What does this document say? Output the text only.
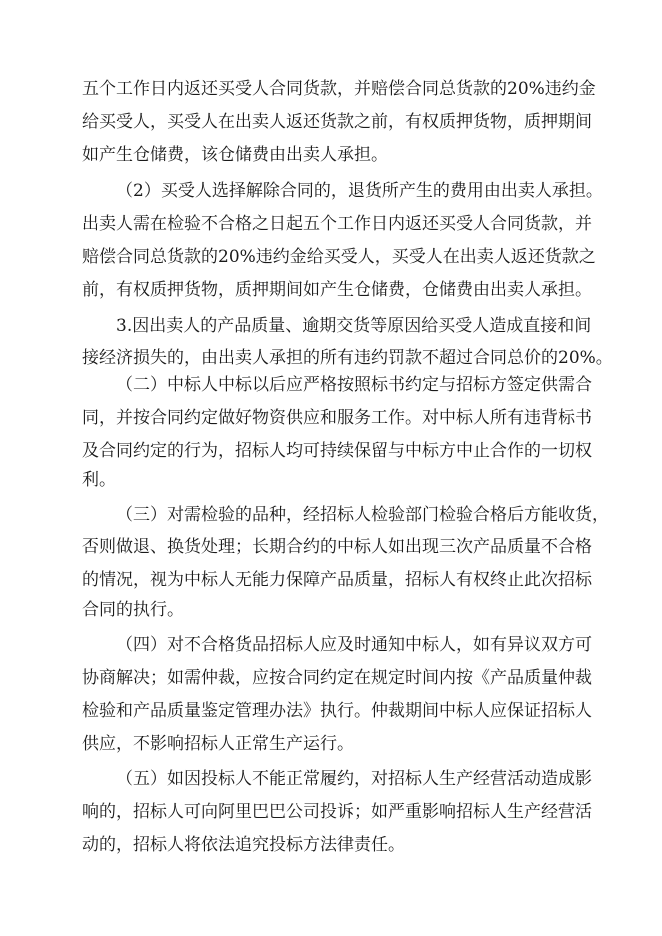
五个工作日内返还买受人合同货款，并赔偿合同总货款的20%违约金
给买受人，买受人在出卖人返还货款之前，有权质押货物，质押期间
如产生仓储费，该仓储费由出卖人承担。
（2）买受人选择解除合同的，退货所产生的费用由出卖人承担。
出卖人需在检验不合格之日起五个工作日内返还买受人合同货款，并
赔偿合同总货款的20%违约金给买受人，买受人在出卖人返还货款之
前，有权质押货物，质押期间如产生仓储费，仓储费由出卖人承担。
3.因出卖人的产品质量、逾期交货等原因给买受人造成直接和间
接经济损失的，由出卖人承担的所有违约罚款不超过合同总价的20%。
（二）中标人中标以后应严格按照标书约定与招标方签定供需合
同，并按合同约定做好物资供应和服务工作。对中标人所有违背标书
及合同约定的行为，招标人均可持续保留与中标方中止合作的一切权
利。
（三）对需检验的品种，经招标人检验部门检验合格后方能收货，
否则做退、换货处理；长期合约的中标人如出现三次产品质量不合格
的情况，视为中标人无能力保障产品质量，招标人有权终止此次招标
合同的执行。
（四）对不合格货品招标人应及时通知中标人，如有异议双方可
协商解决；如需仲裁，应按合同约定在规定时间内按《产品质量仲裁
检验和产品质量鉴定管理办法》执行。仲裁期间中标人应保证招标人
供应，不影响招标人正常生产运行。
（五）如因投标人不能正常履约，对招标人生产经营活动造成影
响的，招标人可向阿里巴巴公司投诉；如严重影响招标人生产经营活
动的，招标人将依法追究投标方法律责任。
